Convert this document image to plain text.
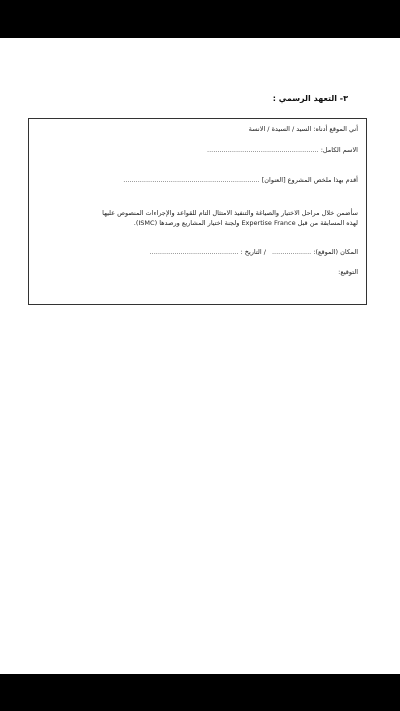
٣- التعهد الرسمي :
أني الموقع أدناه: السيد / السيدة / الانسة
الاسم الكامل: ......................................................
أقدم بهذا ملخص المشروع [العنوان] ..................................................................
سأضمن خلال مراحل الاختيار والصياغة والتنفيذ الامتثال التام للقواعد والإجراءات المنصوص عليها
لهذه المسابقة من قبل Expertise France ولجنة اختيار المشاريع ورصدها (ISMC).
المكان (الموقع): ................... / التاريخ : ...........................................
التوقيع:
